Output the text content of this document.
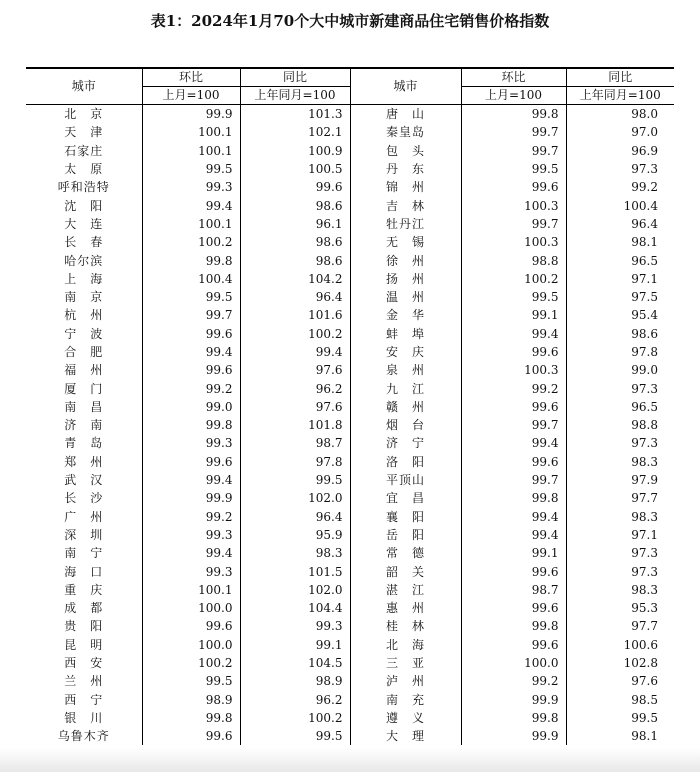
表1：2024年1月70个大中城市新建商品住宅销售价格指数
城市	环比	同比	城市	环比	同比
	上月=100	上年同月=100		上月=100	上年同月=100
北　京	99.9	101.3	唐　山	99.8	98.0
天　津	100.1	102.1	秦皇岛	99.7	97.0
石家庄	100.1	100.9	包　头	99.7	96.9
太　原	99.5	100.5	丹　东	99.5	97.3
呼和浩特	99.3	99.6	锦　州	99.6	99.2
沈　阳	99.4	98.6	吉　林	100.3	100.4
大　连	100.1	96.1	牡丹江	99.7	96.4
长　春	100.2	98.6	无　锡	100.3	98.1
哈尔滨	99.8	98.6	徐　州	98.8	96.5
上　海	100.4	104.2	扬　州	100.2	97.1
南　京	99.5	96.4	温　州	99.5	97.5
杭　州	99.7	101.6	金　华	99.1	95.4
宁　波	99.6	100.2	蚌　埠	99.4	98.6
合　肥	99.4	99.4	安　庆	99.6	97.8
福　州	99.6	97.6	泉　州	100.3	99.0
厦　门	99.2	96.2	九　江	99.2	97.3
南　昌	99.0	97.6	赣　州	99.6	96.5
济　南	99.8	101.8	烟　台	99.7	98.8
青　岛	99.3	98.7	济　宁	99.4	97.3
郑　州	99.6	97.8	洛　阳	99.6	98.3
武　汉	99.4	99.5	平顶山	99.7	97.9
长　沙	99.9	102.0	宜　昌	99.8	97.7
广　州	99.2	96.4	襄　阳	99.4	98.3
深　圳	99.3	95.9	岳　阳	99.4	97.1
南　宁	99.4	98.3	常　德	99.1	97.3
海　口	99.3	101.5	韶　关	99.6	97.3
重　庆	100.1	102.0	湛　江	98.7	98.3
成　都	100.0	104.4	惠　州	99.6	95.3
贵　阳	99.6	99.3	桂　林	99.8	97.7
昆　明	100.0	99.1	北　海	99.6	100.6
西　安	100.2	104.5	三　亚	100.0	102.8
兰　州	99.5	98.9	泸　州	99.2	97.6
西　宁	98.9	96.2	南　充	99.9	98.5
银　川	99.8	100.2	遵　义	99.8	99.5
乌鲁木齐	99.6	99.5	大　理	99.9	98.1
